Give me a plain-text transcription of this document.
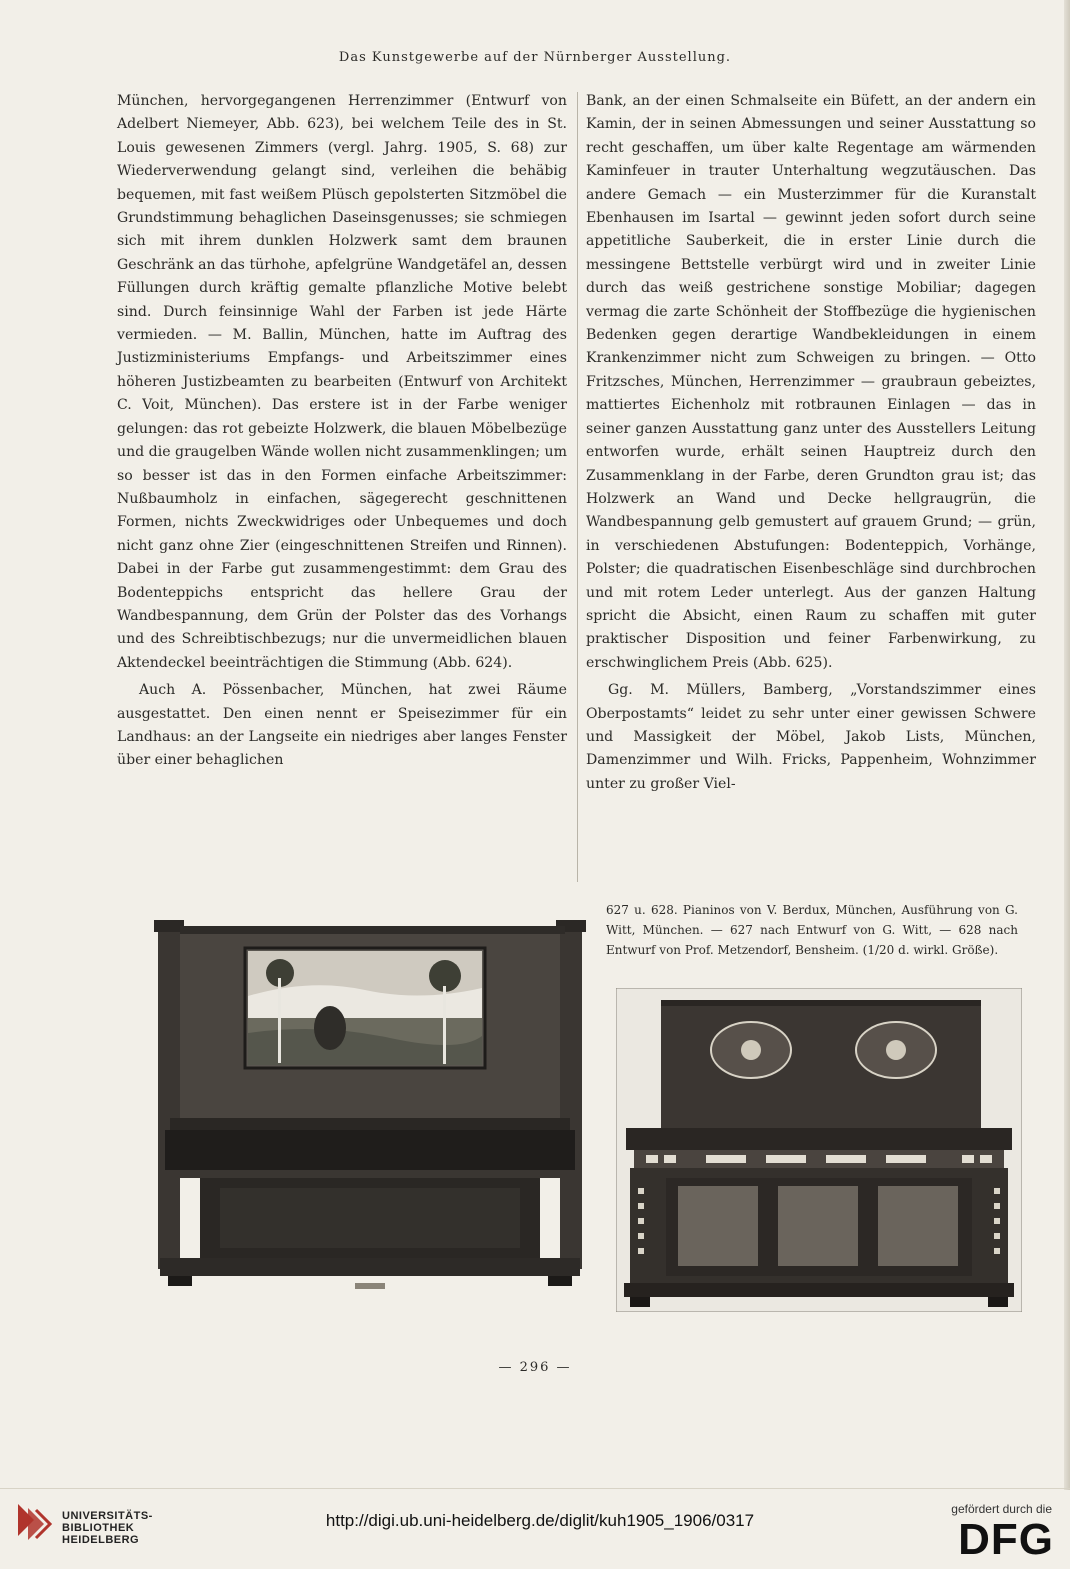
Das Kunstgewerbe auf der Nürnberger Ausstellung.

München, hervorgegangenen Herrenzimmer (Entwurf von Adelbert Niemeyer, Abb. 623), bei welchem Teile des in St. Louis gewesenen Zimmers (vergl. Jahrg. 1905, S. 68) zur Wiederverwendung gelangt sind, verleihen die behäbig bequemen, mit fast weißem Plüsch gepolsterten Sitzmöbel die Grundstimmung behaglichen Daseinsgenusses; sie schmiegen sich mit ihrem dunklen Holzwerk samt dem braunen Geschränk an das türhohe, apfelgrüne Wandgetäfel an, dessen Füllungen durch kräftig gemalte pflanzliche Motive belebt sind. Durch feinsinnige Wahl der Farben ist jede Härte vermieden. — M. Ballin, München, hatte im Auftrag des Justizministeriums Empfangs- und Arbeitszimmer eines höheren Justizbeamten zu bearbeiten (Entwurf von Architekt C. Voit, München). Das erstere ist in der Farbe weniger gelungen: das rot gebeizte Holzwerk, die blauen Möbelbezüge und die graugelben Wände wollen nicht zusammenklingen; um so besser ist das in den Formen einfache Arbeitszimmer: Nußbaumholz in einfachen, sägegerecht geschnittenen Formen, nichts Zweckwidriges oder Unbequemes und doch nicht ganz ohne Zier (eingeschnittenen Streifen und Rinnen). Dabei in der Farbe gut zusammengestimmt: dem Grau des Bodenteppichs entspricht das hellere Grau der Wandbespannung, dem Grün der Polster das des Vorhangs und des Schreibtischbezugs; nur die unvermeidlichen blauen Aktendeckel beeinträchtigen die Stimmung (Abb. 624).

Auch A. Pössenbacher, München, hat zwei Räume ausgestattet. Den einen nennt er Speisezimmer für ein Landhaus: an der Langseite ein niedriges aber langes Fenster über einer behaglichen

Bank, an der einen Schmalseite ein Büfett, an der andern ein Kamin, der in seinen Abmessungen und seiner Ausstattung so recht geschaffen, um über kalte Regentage am wärmenden Kaminfeuer in trauter Unterhaltung wegzutäuschen. Das andere Gemach — ein Musterzimmer für die Kuranstalt Ebenhausen im Isartal — gewinnt jeden sofort durch seine appetitliche Sauberkeit, die in erster Linie durch die messingene Bettstelle verbürgt wird und in zweiter Linie durch das weiß gestrichene sonstige Mobiliar; dagegen vermag die zarte Schönheit der Stoffbezüge die hygienischen Bedenken gegen derartige Wandbekleidungen in einem Krankenzimmer nicht zum Schweigen zu bringen. — Otto Fritzsches, München, Herrenzimmer — graubraun gebeiztes, mattiertes Eichenholz mit rotbraunen Einlagen — das in seiner ganzen Ausstattung ganz unter des Ausstellers Leitung entworfen wurde, erhält seinen Hauptreiz durch den Zusammenklang in der Farbe, deren Grundton grau ist; das Holzwerk an Wand und Decke hellgraugrün, die Wandbespannung gelb gemustert auf grauem Grund; — grün, in verschiedenen Abstufungen: Bodenteppich, Vorhänge, Polster; die quadratischen Eisenbeschläge sind durchbrochen und mit rotem Leder unterlegt. Aus der ganzen Haltung spricht die Absicht, einen Raum zu schaffen mit guter praktischer Disposition und feiner Farbenwirkung, zu erschwinglichem Preis (Abb. 625).

Gg. M. Müllers, Bamberg, „Vorstandszimmer eines Oberpostamts“ leidet zu sehr unter einer gewissen Schwere und Massigkeit der Möbel, Jakob Lists, München, Damenzimmer und Wilh. Fricks, Pappenheim, Wohnzimmer unter zu großer Viel-

627 u. 628. Pianinos von V. Berdux, München, Ausführung von G. Witt, München. — 627 nach Entwurf von G. Witt, — 628 nach Entwurf von Prof. Metzendorf, Bensheim. (1/20 d. wirkl. Größe).
— 296 —
UNIVERSITÄTS-
BIBLIOTHEK
HEIDELBERG
http://digi.ub.uni-heidelberg.de/diglit/kuh1905_1906/0317
gefördert durch die
DFG
